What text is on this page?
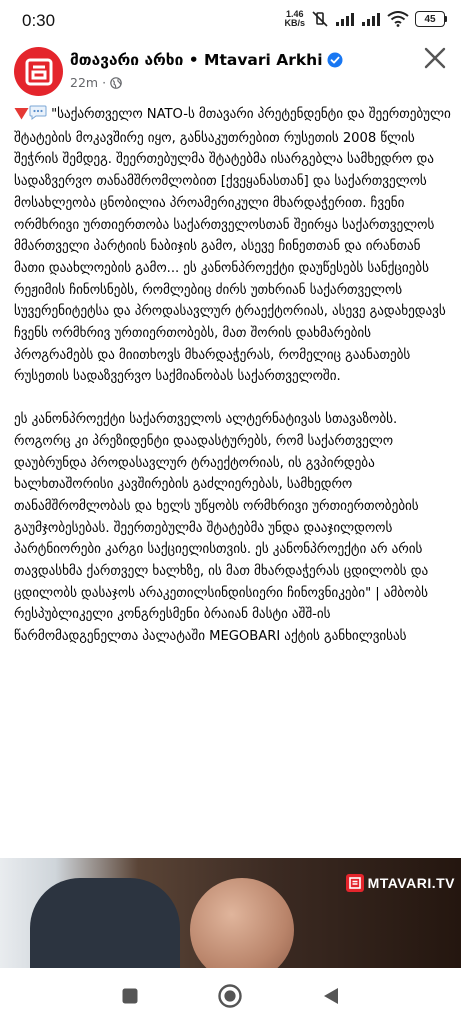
0:30	1.46
KB/s	45
მთავარი არხი • Mtavari Arkhi
22m ·

"საქართველო NATO-ს მთავარი პრეტენდენტი და შეერთებული შტატების მოკავშირე იყო, განსაკუთრებით რუსეთის 2008 წლის შეჭრის შემდეგ. შეერთებულმა შტატებმა ისარგებლა სამხედრო და სადაზვერვო თანამშრომლობით [ქვეყანასთან] და საქართველოს მოსახლეობა ცნობილია პროამერიკული მხარდაჭერით. ჩვენი ორმხრივი ურთიერთობა საქართველოსთან შეირყა საქართველოს მმართველი პარტიის ნაბიჯის გამო, ასევე ჩინეთთან და ირანთან მათი დაახლოების გამო... ეს კანონპროექტი დაუწესებს სანქციებს რეჟიმის ჩინოსნებს, რომლებიც ძირს უთხრიან საქართველოს სუვერენიტეტსა და პროდასავლურ ტრაექტორიას, ასევე გადახედავს ჩვენს ორმხრივ ურთიერთობებს, მათ შორის დახმარების პროგრამებს და მიითხოვს მხარდაჭერას, რომელიც გაანათებს რუსეთის სადაზვერვო საქმიანობას საქართველოში.

ეს კანონპროექტი საქართველოს ალტერნატივას სთავაზობს. როგორც კი პრეზიდენტი დაადასტურებს, რომ საქართველო დაუბრუნდა პროდასავლურ ტრაექტორიას, ის გვპირდება ხალხთაშორისი კავშირების გაძლიერებას, სამხედრო თანამშრომლობას და ხელს უწყობს ორმხრივი ურთიერთობების გაუმჯობესებას. შეერთებულმა შტატებმა უნდა დააჯილდოოს პარტნიორები კარგი საქციელისთვის. ეს კანონპროექტი არ არის თავდასხმა ქართველ ხალხზე, ის მათ მხარდაჭერას ცდილობს და ცდილობს დასაჯოს არაკეთილსინდისიერი ჩინოვნიკები" | ამბობს რესპუბლიკელი კონგრესმენი ბრაიან მასტი აშშ-ის წარმომადგენელთა პალატაში MEGOBARI აქტის განხილვისას

MTAVARI.TV
